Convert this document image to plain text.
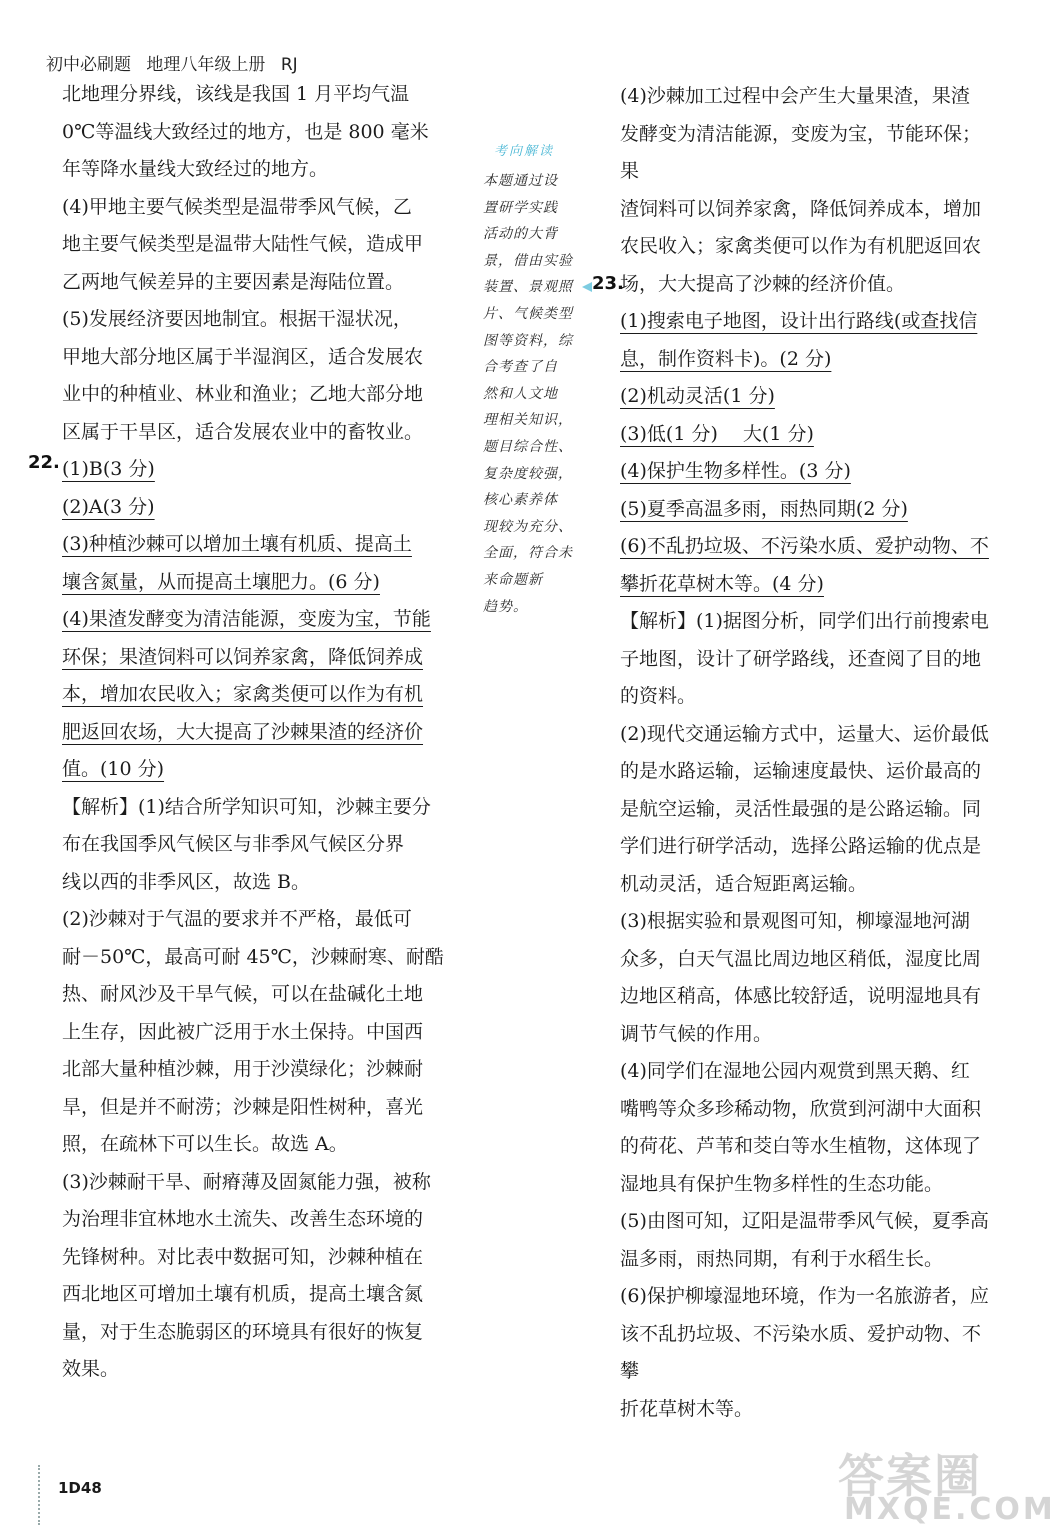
初中必刷题 地理八年级上册 RJ

北地理分界线，该线是我国 1 月平均气温

0℃等温线大致经过的地方，也是 800 毫米

年等降水量线大致经过的地方。

(4)甲地主要气候类型是温带季风气候，乙

地主要气候类型是温带大陆性气候，造成甲

乙两地气候差异的主要因素是海陆位置。

(5)发展经济要因地制宜。根据干湿状况，

甲地大部分地区属于半湿润区，适合发展农

业中的种植业、林业和渔业；乙地大部分地

区属于干旱区，适合发展农业中的畜牧业。

(1)B(3 分)

(2)A(3 分)

(3)种植沙棘可以增加土壤有机质、提高土

壤含氮量，从而提高土壤肥力。(6 分)

(4)果渣发酵变为清洁能源，变废为宝，节能

环保；果渣饲料可以饲养家禽，降低饲养成

本，增加农民收入；家禽类便可以作为有机

肥返回农场，大大提高了沙棘果渣的经济价

值。(10 分)

【解析】(1)结合所学知识可知，沙棘主要分

布在我国季风气候区与非季风气候区分界

线以西的非季风区，故选 B。

(2)沙棘对于气温的要求并不严格，最低可

耐－50℃，最高可耐 45℃，沙棘耐寒、耐酷

热、耐风沙及干旱气候，可以在盐碱化土地

上生存，因此被广泛用于水土保持。中国西

北部大量种植沙棘，用于沙漠绿化；沙棘耐

旱，但是并不耐涝；沙棘是阳性树种，喜光

照，在疏林下可以生长。故选 A。

(3)沙棘耐干旱、耐瘠薄及固氮能力强，被称

为治理非宜林地水土流失、改善生态环境的

先锋树种。对比表中数据可知，沙棘种植在

西北地区可增加土壤有机质，提高土壤含氮

量，对于生态脆弱区的环境具有很好的恢复

效果。

22.
考向解读
本题通过设
置研学实践
活动的大背
景，借由实验
装置、景观照
片、气候类型
图等资料，综
合考查了自
然和人文地
理相关知识，
题目综合性、
复杂度较强，
核心素养体
现较为充分、
全面，符合未
来命题新
趋势。

(4)沙棘加工过程中会产生大量果渣，果渣

发酵变为清洁能源，变废为宝，节能环保；果

渣饲料可以饲养家禽，降低饲养成本，增加

农民收入；家禽类便可以作为有机肥返回农

场，大大提高了沙棘的经济价值。

(1)搜索电子地图，设计出行路线(或查找信

息，制作资料卡)。(2 分)

(2)机动灵活(1 分)

(3)低(1 分)　 大(1 分)

(4)保护生物多样性。(3 分)

(5)夏季高温多雨，雨热同期(2 分)

(6)不乱扔垃圾、不污染水质、爱护动物、不

攀折花草树木等。(4 分)

【解析】(1)据图分析，同学们出行前搜索电

子地图，设计了研学路线，还查阅了目的地

的资料。

(2)现代交通运输方式中，运量大、运价最低

的是水路运输，运输速度最快、运价最高的

是航空运输，灵活性最强的是公路运输。同

学们进行研学活动，选择公路运输的优点是

机动灵活，适合短距离运输。

(3)根据实验和景观图可知，柳壕湿地河湖

众多，白天气温比周边地区稍低，湿度比周

边地区稍高，体感比较舒适，说明湿地具有

调节气候的作用。

(4)同学们在湿地公园内观赏到黑天鹅、红

嘴鸭等众多珍稀动物，欣赏到河湖中大面积

的荷花、芦苇和茭白等水生植物，这体现了

湿地具有保护生物多样性的生态功能。

(5)由图可知，辽阳是温带季风气候，夏季高

温多雨，雨热同期，有利于水稻生长。

(6)保护柳壕湿地环境，作为一名旅游者，应

该不乱扔垃圾、不污染水质、爱护动物、不攀

折花草树木等。

23.
1D48	答案圈
MXQE.COM
